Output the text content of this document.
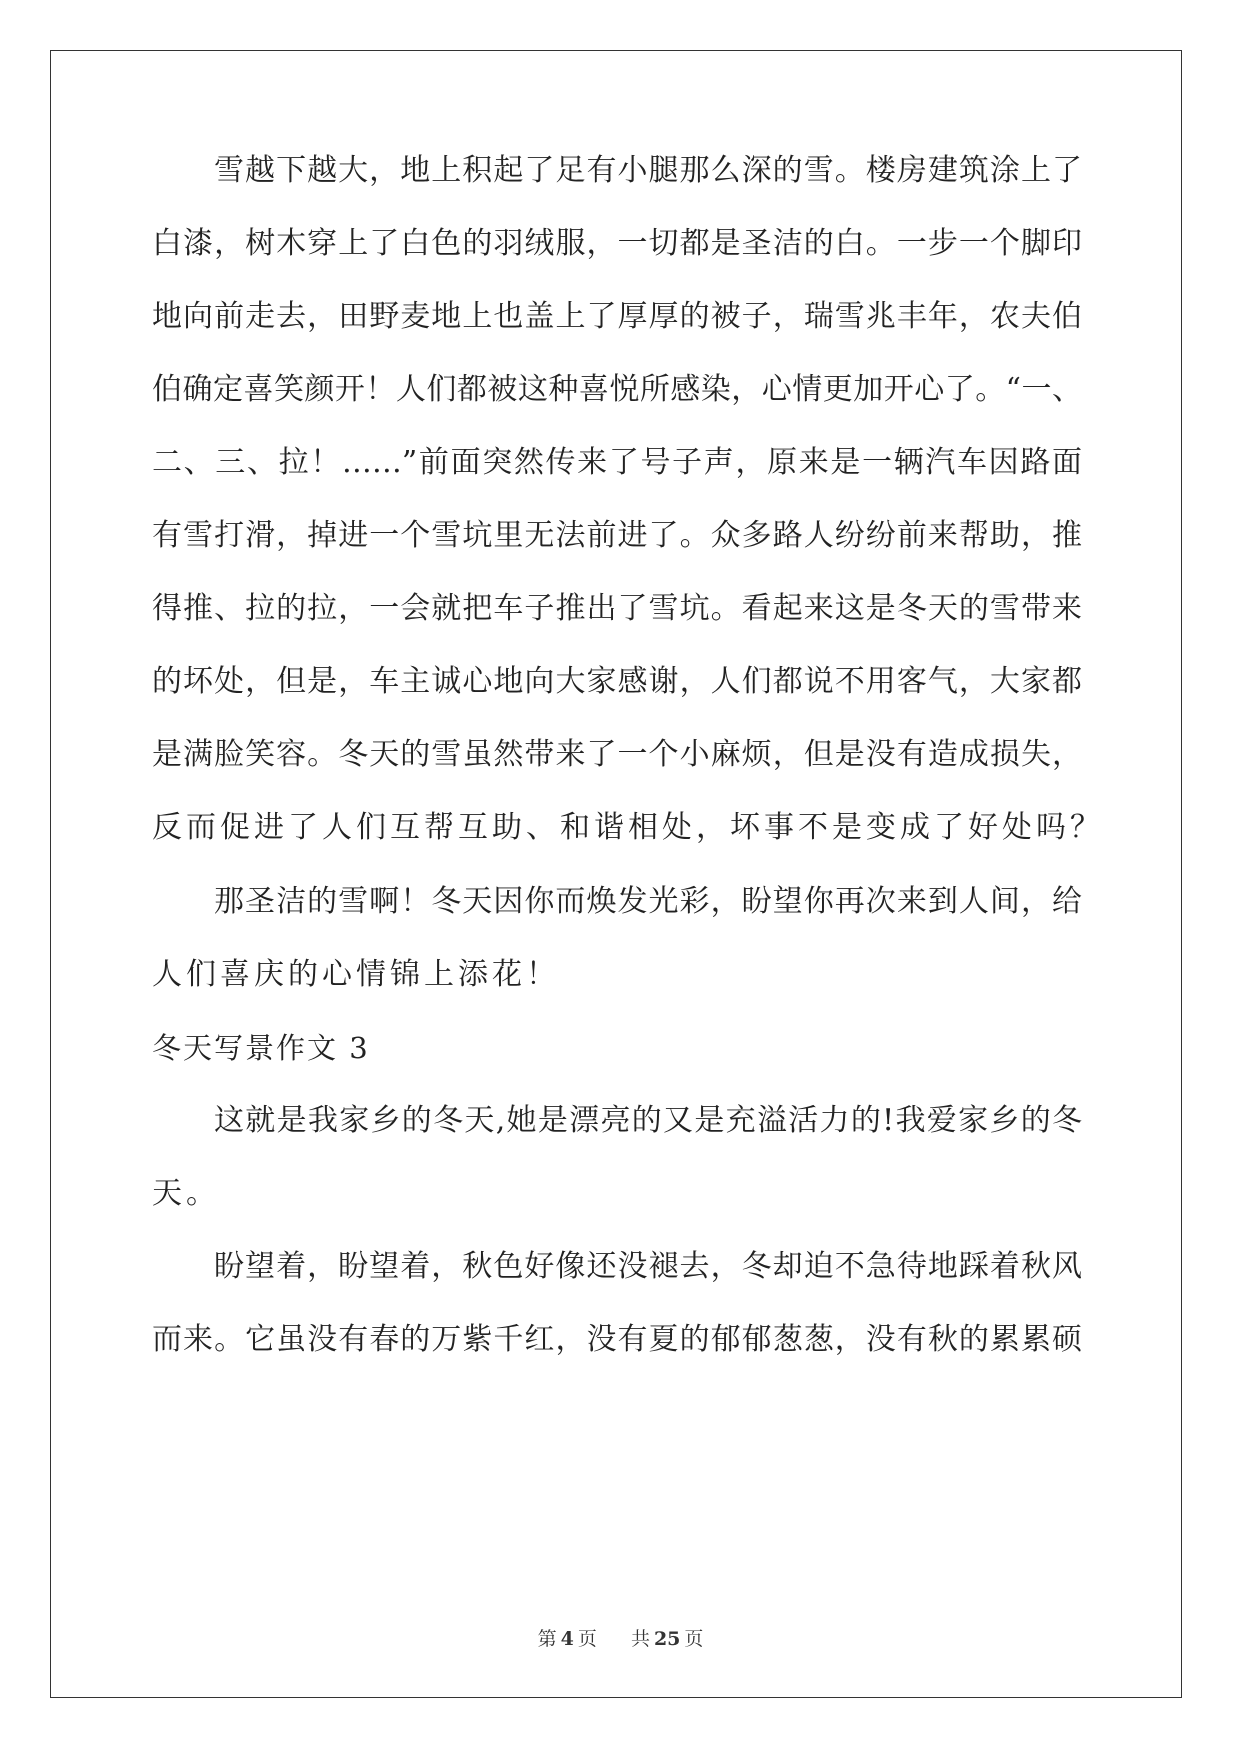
雪越下越大，地上积起了足有小腿那么深的雪。楼房建筑涂上了

白漆，树木穿上了白色的羽绒服，一切都是圣洁的白。一步一个脚印

地向前走去，田野麦地上也盖上了厚厚的被子，瑞雪兆丰年，农夫伯

伯确定喜笑颜开！人们都被这种喜悦所感染，心情更加开心了。“一、

二、三、拉！……”前面突然传来了号子声，原来是一辆汽车因路面

有雪打滑，掉进一个雪坑里无法前进了。众多路人纷纷前来帮助，推

得推、拉的拉，一会就把车子推出了雪坑。看起来这是冬天的雪带来

的坏处，但是，车主诚心地向大家感谢，人们都说不用客气，大家都

是满脸笑容。冬天的雪虽然带来了一个小麻烦，但是没有造成损失，

反而促进了人们互帮互助、和谐相处，坏事不是变成了好处吗？

那圣洁的雪啊！冬天因你而焕发光彩，盼望你再次来到人间，给

人们喜庆的心情锦上添花！

冬天写景作文 3

这就是我家乡的冬天,她是漂亮的又是充溢活力的!我爱家乡的冬

天。

盼望着，盼望着，秋色好像还没褪去，冬却迫不急待地踩着秋风

而来。它虽没有春的万紫千红，没有夏的郁郁葱葱，没有秋的累累硕

第 4 页 共 25 页
